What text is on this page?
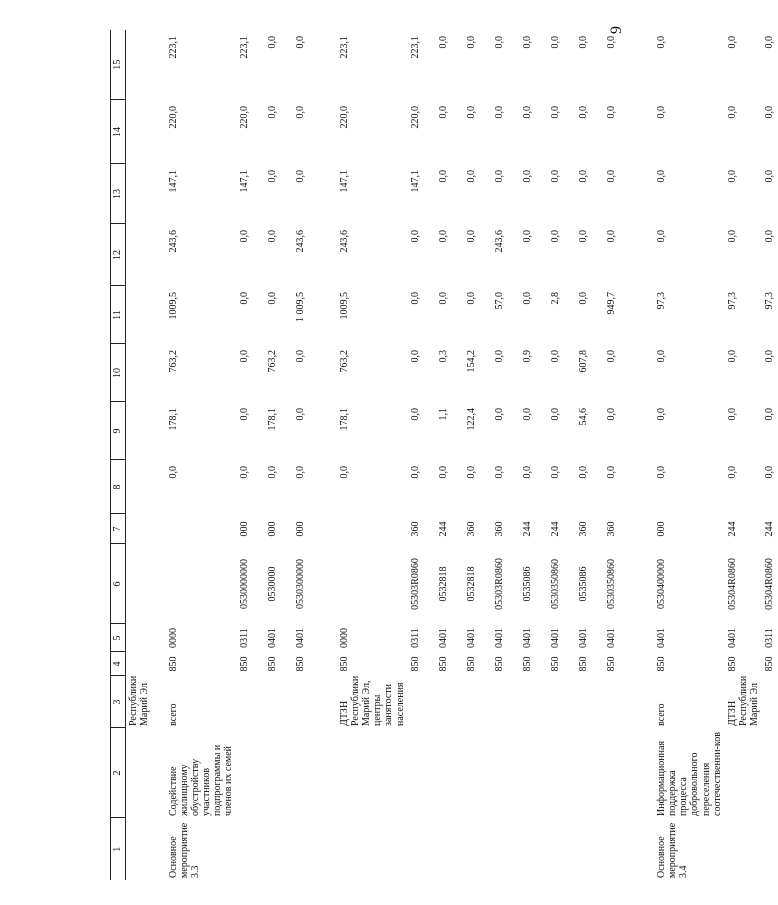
9
1	2	3	4	5	6	7	8	9	10	11	12	13	14	15
		Республики Марий Эл												
Основное мероприятие 3.3	Содействие жилищному обустройству участников подпрограммы и членов их семей	всего	850	0000			0,0	178,1	763,2	1009,5	243,6	147,1	220,0	223,1
			850	0311	0530000000	000	0,0	0,0	0,0	0,0	0,0	147,1	220,0	223,1
			850	0401	0530000	000	0,0	178,1	763,2	0,0	0,0	0,0	0,0	0,0
			850	0401	0530300000	000	0,0	0,0	0,0	1 009,5	243,6	0,0	0,0	0,0
		ДТЗН Республики Марий Эл, центры занятости населения	850	0000			0,0	178,1	763,2	1009,5	243,6	147,1	220,0	223,1
			850	0311	05303R0860	360	0,0	0,0	0,0	0,0	0,0	147,1	220,0	223,1
			850	0401	0532818	244	0,0	1,1	0,3	0,0	0,0	0,0	0,0	0,0
			850	0401	0532818	360	0,0	122,4	154,2	0,0	0,0	0,0	0,0	0,0
			850	0401	05303R0860	360	0,0	0,0	0,0	57,0	243,6	0,0	0,0	0,0
			850	0401	0535086	244	0,0	0,0	0,9	0,0	0,0	0,0	0,0	0,0
			850	0401	0530350860	244	0,0	0,0	0,0	2,8	0,0	0,0	0,0	0,0
			850	0401	0535086	360	0,0	54,6	607,8	0,0	0,0	0,0	0,0	0,0
			850	0401	0530350860	360	0,0	0,0	0,0	949,7	0,0	0,0	0,0	0,0
Основное мероприятие 3.4	Информационная поддержка процесса добровольного переселения соотечественни-ков	всего	850	0401	0530400000	000	0,0	0,0	0,0	97,3	0,0	0,0	0,0	0,0
		ДТЗН Республики Марий Эл	850	0401	05304R0860	244	0,0	0,0	0,0	97,3	0,0	0,0	0,0	0,0
			850	0311	05304R0860	244	0,0	0,0	0,0	97,3	0,0	0,0	0,0	0,0
